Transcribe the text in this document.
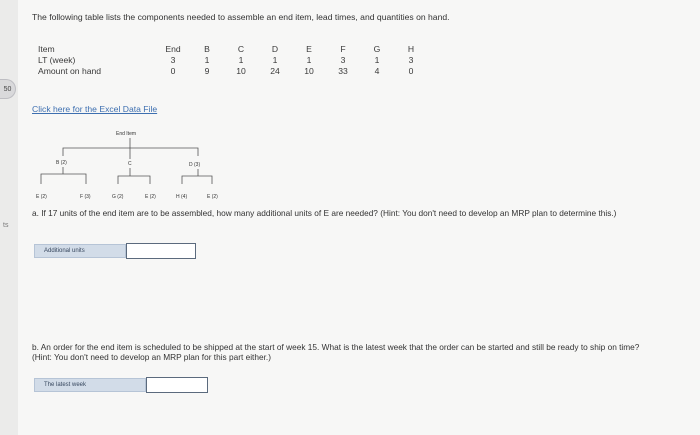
50
ts
The following table lists the components needed to assemble an end item, lead times, and quantities on hand.
Item	End	B	C	D	E	F	G	H
LT (week)	3	1	1	1	1	3	1	3
Amount on hand	0	9	10	24	10	33	4	0
Click here for the Excel Data File
End Item
B (2)	C	D (3)
E (2)	F (3)	G (2)	E (2)	H (4)	E (2)
a. If 17 units of the end item are to be assembled, how many additional units of E are needed? (Hint: You don't need to develop an MRP plan to determine this.)
Additional units
b. An order for the end item is scheduled to be shipped at the start of week 15. What is the latest week that the order can be started and still be ready to ship on time? (Hint: You don't need to develop an MRP plan for this part either.)
The latest week
